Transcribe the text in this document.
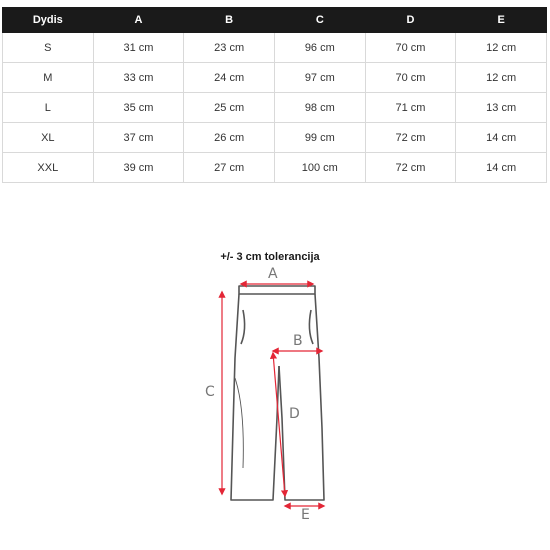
Dydis	A	B	C	D	E
S	31 cm	23 cm	96 cm	70 cm	12 cm
M	33 cm	24 cm	97 cm	70 cm	12 cm
L	35 cm	25 cm	98 cm	71 cm	13 cm
XL	37 cm	26 cm	99 cm	72 cm	14 cm
XXL	39 cm	27 cm	100 cm	72 cm	14 cm
+/- 3 cm tolerancija
A
B
C
D
E
